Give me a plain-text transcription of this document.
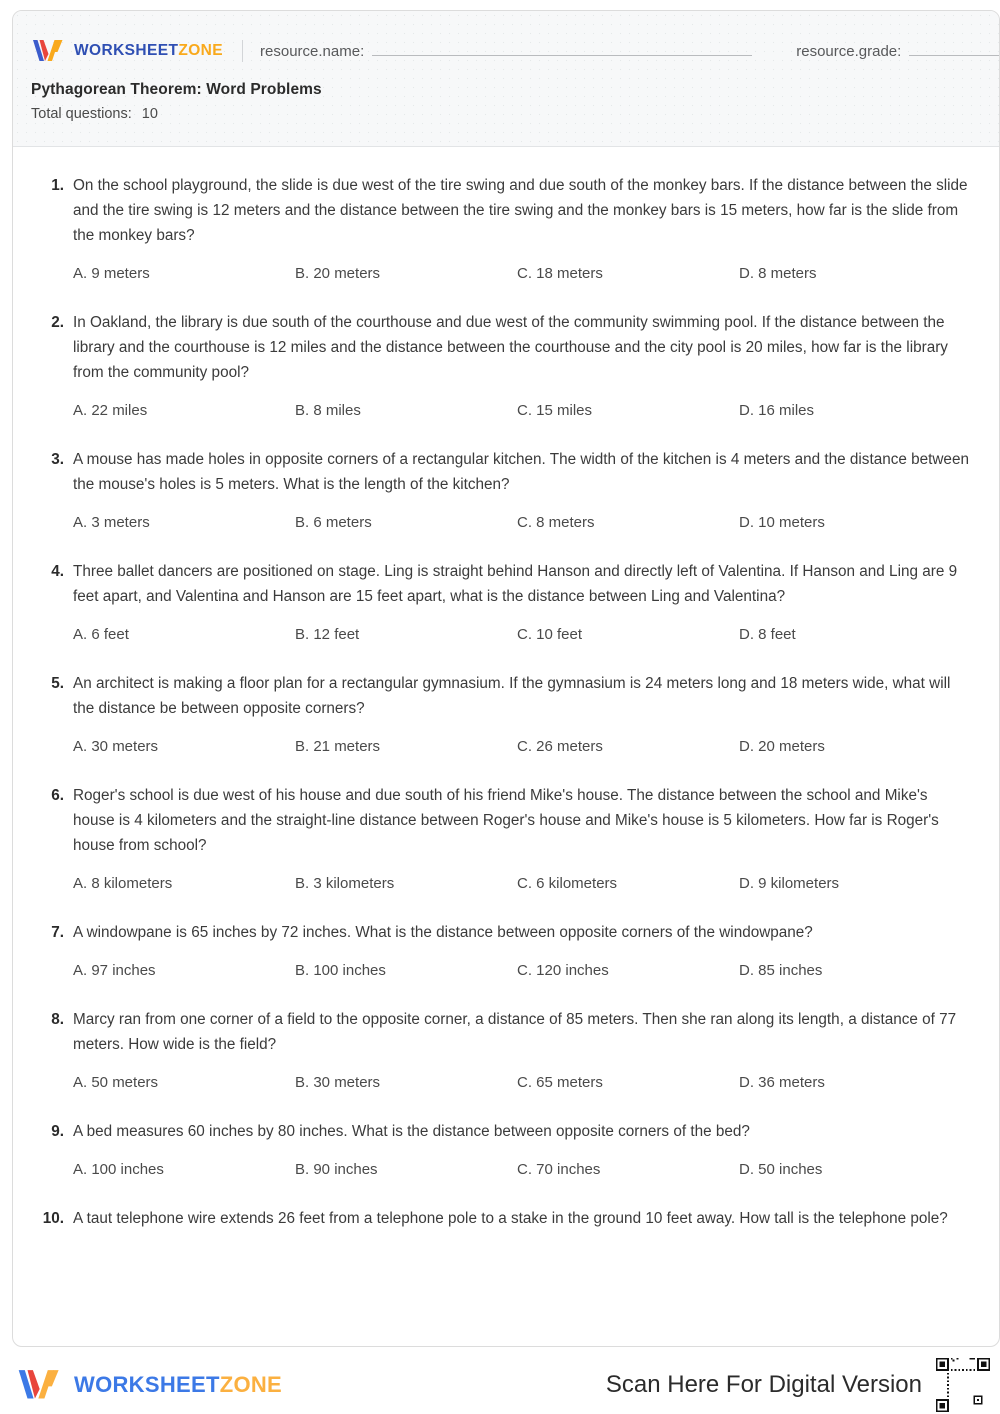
WORKSHEETZONE resource.name:	resource.grade:
Pythagorean Theorem: Word Problems
Total questions: 10
1. On the school playground, the slide is due west of the tire swing and due south of the monkey bars. If the distance between the slide and the tire swing is 12 meters and the distance between the tire swing and the monkey bars is 15 meters, how far is the slide from the monkey bars?
A. 9 meters	B. 20 meters	C. 18 meters	D. 8 meters
2. In Oakland, the library is due south of the courthouse and due west of the community swimming pool. If the distance between the library and the courthouse is 12 miles and the distance between the courthouse and the city pool is 20 miles, how far is the library from the community pool?
A. 22 miles	B. 8 miles	C. 15 miles	D. 16 miles
3. A mouse has made holes in opposite corners of a rectangular kitchen. The width of the kitchen is 4 meters and the distance between the mouse's holes is 5 meters. What is the length of the kitchen?
A. 3 meters	B. 6 meters	C. 8 meters	D. 10 meters
4. Three ballet dancers are positioned on stage. Ling is straight behind Hanson and directly left of Valentina. If Hanson and Ling are 9 feet apart, and Valentina and Hanson are 15 feet apart, what is the distance between Ling and Valentina?
A. 6 feet	B. 12 feet	C. 10 feet	D. 8 feet
5. An architect is making a floor plan for a rectangular gymnasium. If the gymnasium is 24 meters long and 18 meters wide, what will the distance be between opposite corners?
A. 30 meters	B. 21 meters	C. 26 meters	D. 20 meters
6. Roger's school is due west of his house and due south of his friend Mike's house. The distance between the school and Mike's house is 4 kilometers and the straight-line distance between Roger's house and Mike's house is 5 kilometers. How far is Roger's house from school?
A. 8 kilometers	B. 3 kilometers	C. 6 kilometers	D. 9 kilometers
7. A windowpane is 65 inches by 72 inches. What is the distance between opposite corners of the windowpane?
A. 97 inches	B. 100 inches	C. 120 inches	D. 85 inches
8. Marcy ran from one corner of a field to the opposite corner, a distance of 85 meters. Then she ran along its length, a distance of 77 meters. How wide is the field?
A. 50 meters	B. 30 meters	C. 65 meters	D. 36 meters
9. A bed measures 60 inches by 80 inches. What is the distance between opposite corners of the bed?
A. 100 inches	B. 90 inches	C. 70 inches	D. 50 inches
10. A taut telephone wire extends 26 feet from a telephone pole to a stake in the ground 10 feet away. How tall is the telephone pole?
WORKSHEETZONE	Scan Here For Digital Version
